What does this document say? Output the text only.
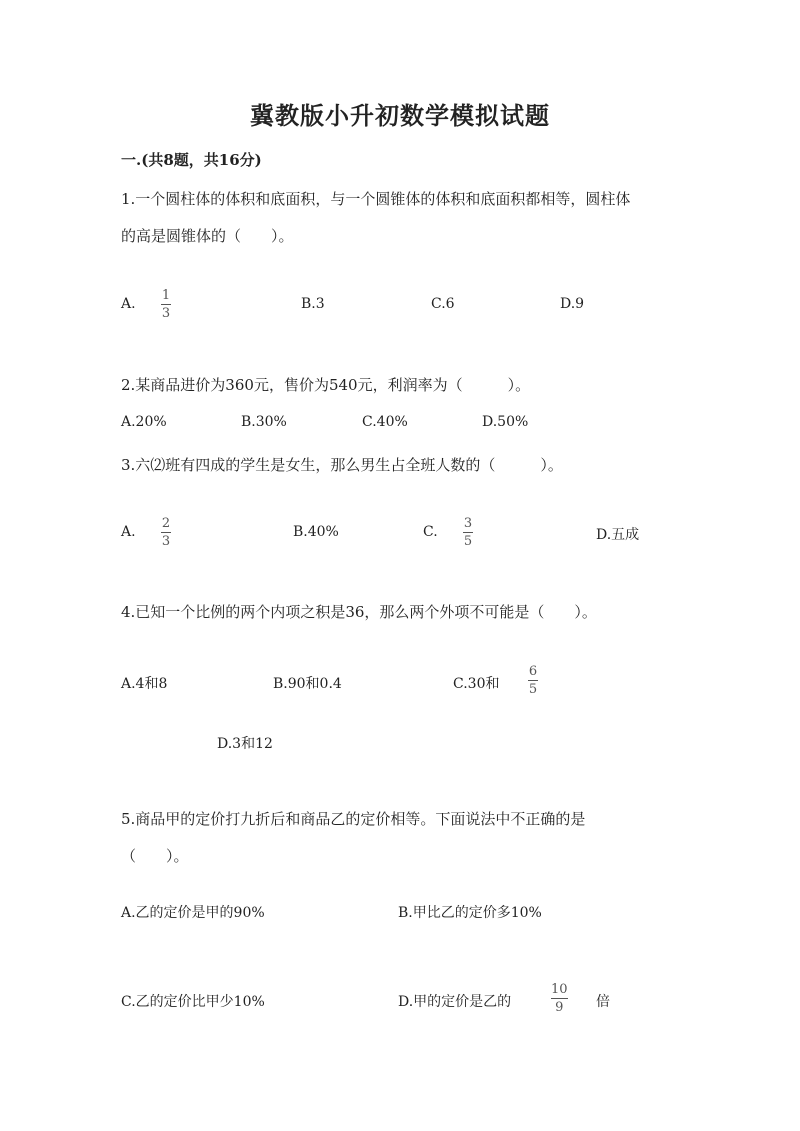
冀教版小升初数学模拟试题
一.(共8题，共16分)
1.一个圆柱体的体积和底面积，与一个圆锥体的体积和底面积都相等，圆柱体
的高是圆锥体的（　　）。
A.
1
3
B.3	C.6	D.9
2.某商品进价为360元，售价为540元，利润率为（　　　）。
A.20%	B.30%	C.40%	D.50%
3.六⑵班有四成的学生是女生，那么男生占全班人数的（　　　）。
A.
2
3
B.40%	C.
3
5	D.五成
4.已知一个比例的两个内项之积是36，那么两个外项不可能是（　　）。
A.4和8	B.90和0.4	C.30和
6
5
D.3和12
5.商品甲的定价打九折后和商品乙的定价相等。下面说法中不正确的是
（　　）。
A.乙的定价是甲的90%	B.甲比乙的定价多10%
C.乙的定价比甲少10%	D.甲的定价是乙的
10
9 倍
